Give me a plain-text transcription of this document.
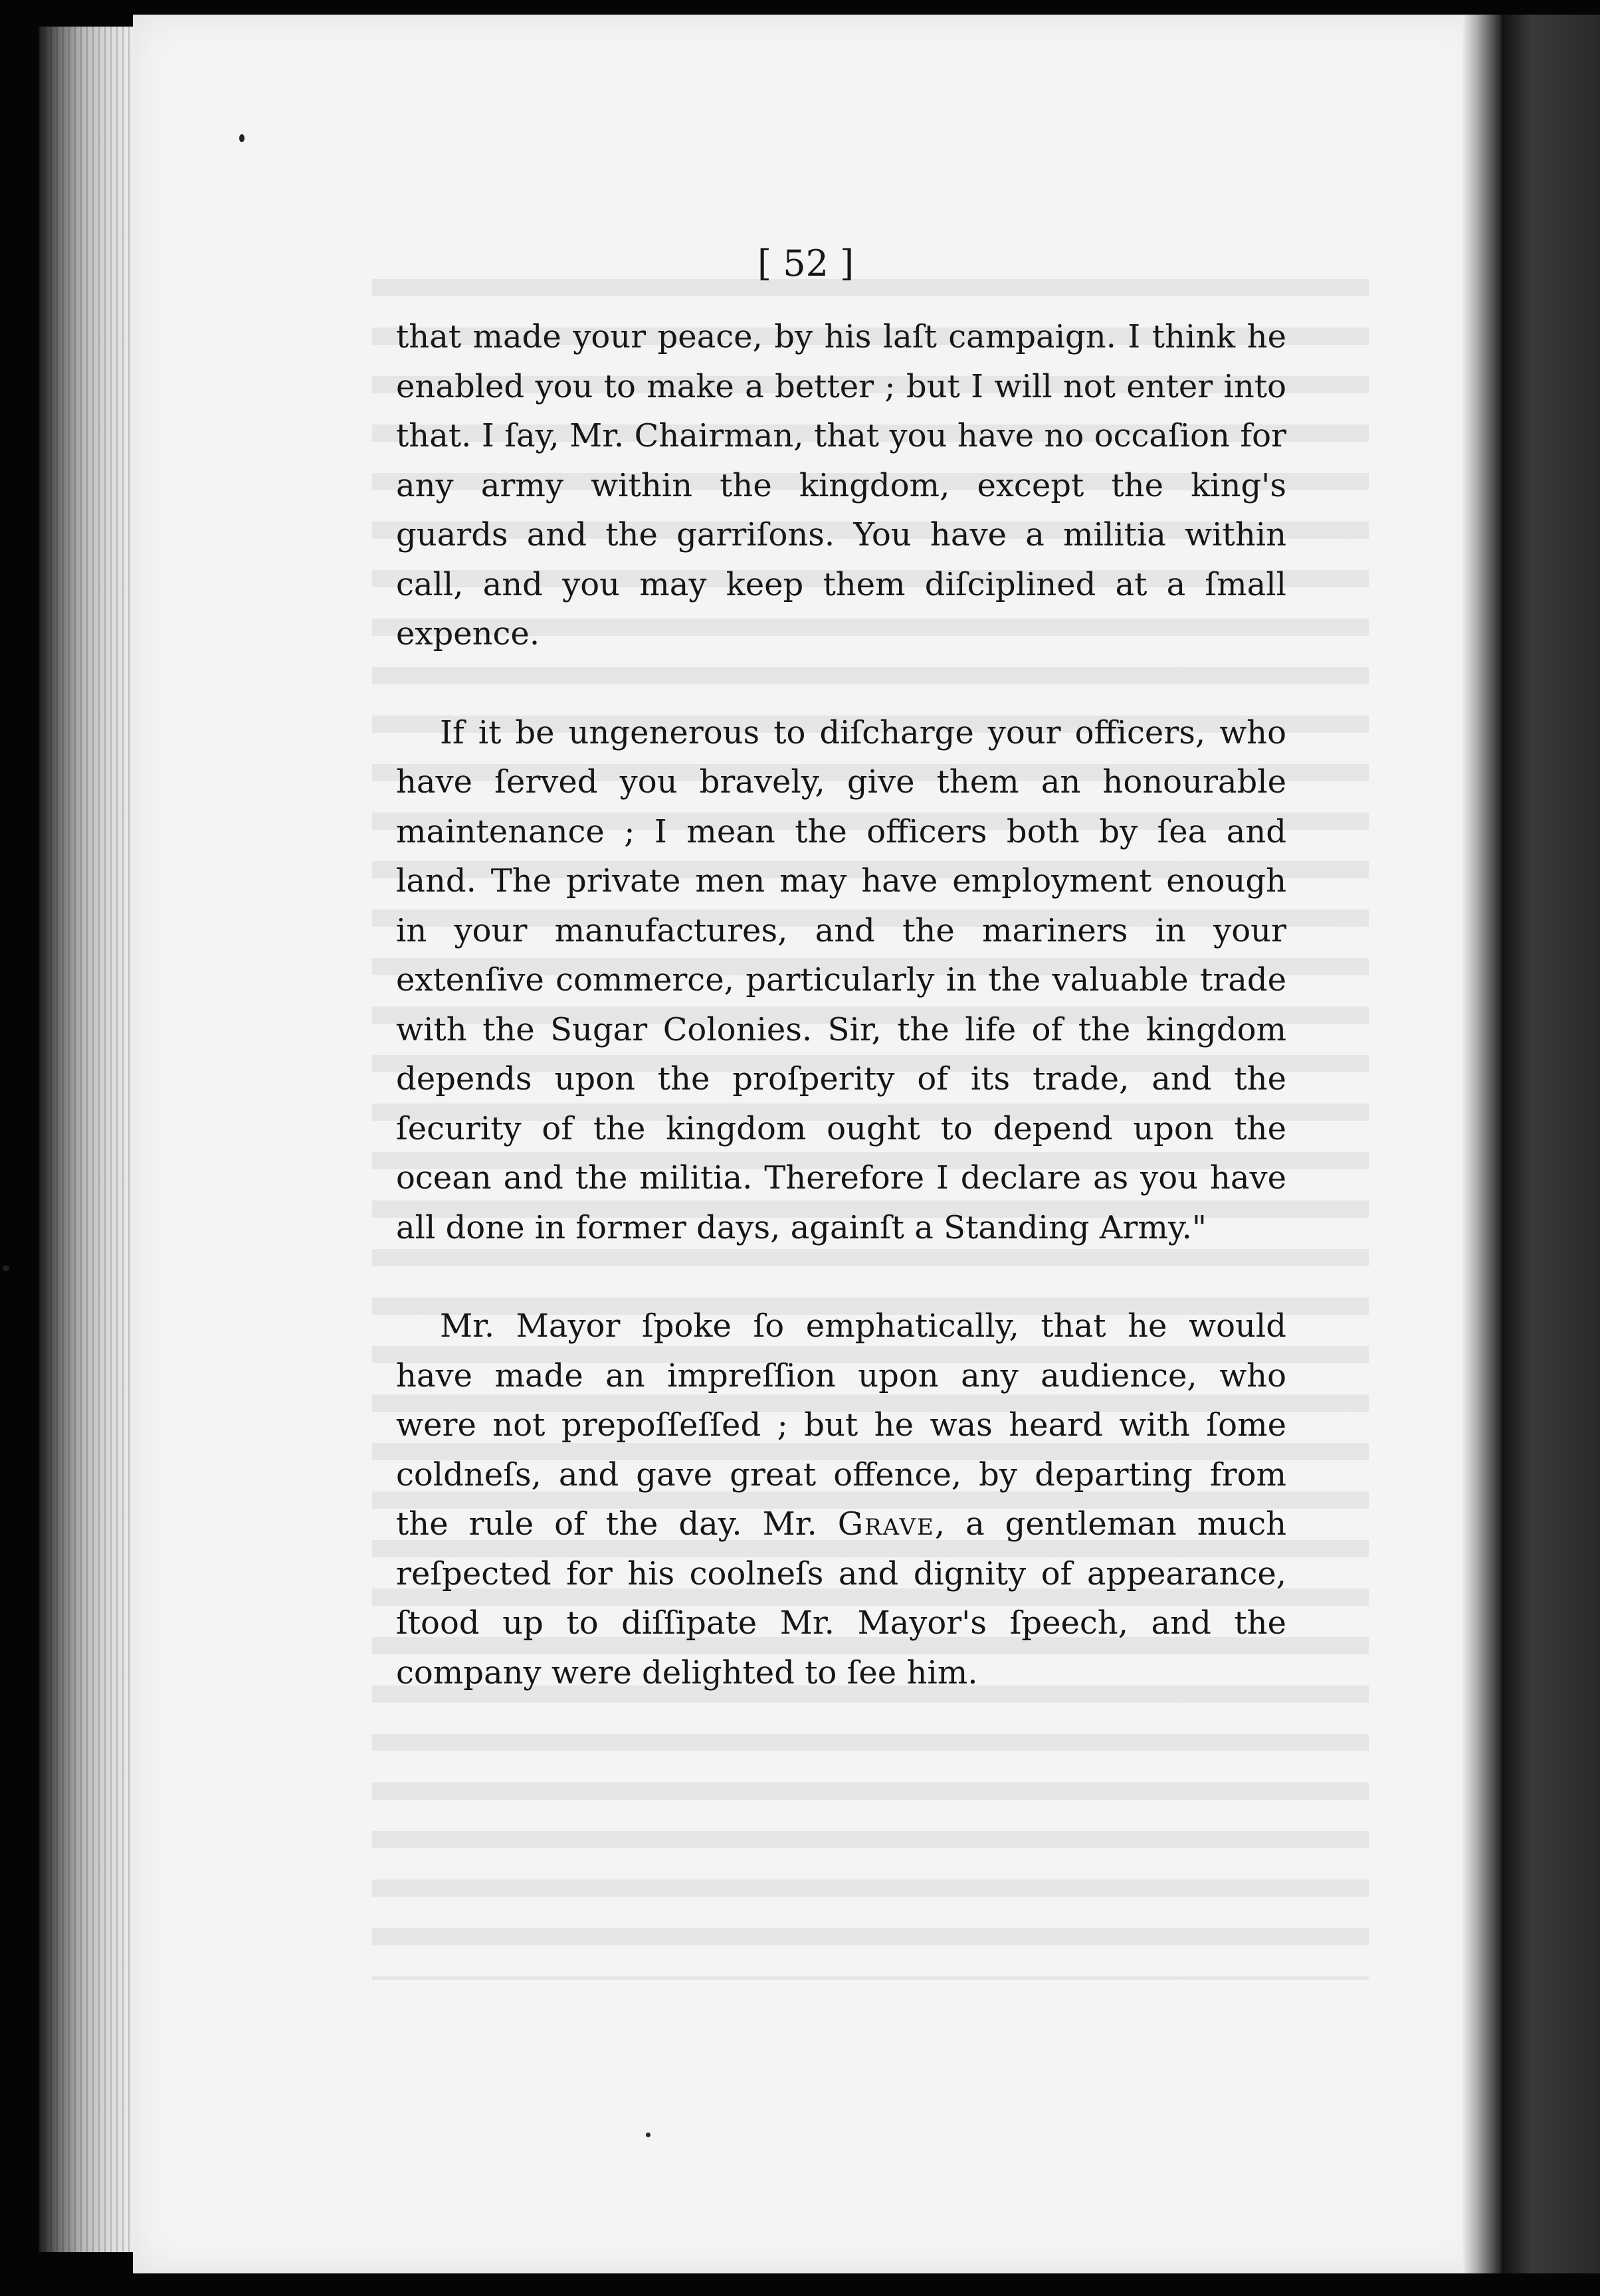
[ 52 ]

that made your peace, by his laſt campaign. I think he enabled you to make a better ; but I will not enter into that. I ſay, Mr. Chairman, that you have no occaſion for any army within the kingdom, except the king's guards and the garriſons. You have a militia within call, and you may keep them diſciplined at a ſmall expence.

If it be ungenerous to diſcharge your officers, who have ſerved you bravely, give them an honourable maintenance ; I mean the officers both by ſea and land. The private men may have employment enough in your manufactures, and the mariners in your extenſive commerce, particularly in the valuable trade with the Sugar Colonies. Sir, the life of the kingdom depends upon the proſperity of its trade, and the ſecurity of the kingdom ought to depend upon the ocean and the militia. Therefore I declare as you have all done in former days, againſt a Standing Army."

Mr. Mayor ſpoke ſo emphatically, that he would have made an impreſſion upon any audience, who were not prepoſſeſſed ; but he was heard with ſome coldneſs, and gave great offence, by departing from the rule of the day. Mr. Grave, a gentleman much reſpected for his coolneſs and dignity of appearance, ſtood up to diſſipate Mr. Mayor's ſpeech, and the company were delighted to ſee him.
